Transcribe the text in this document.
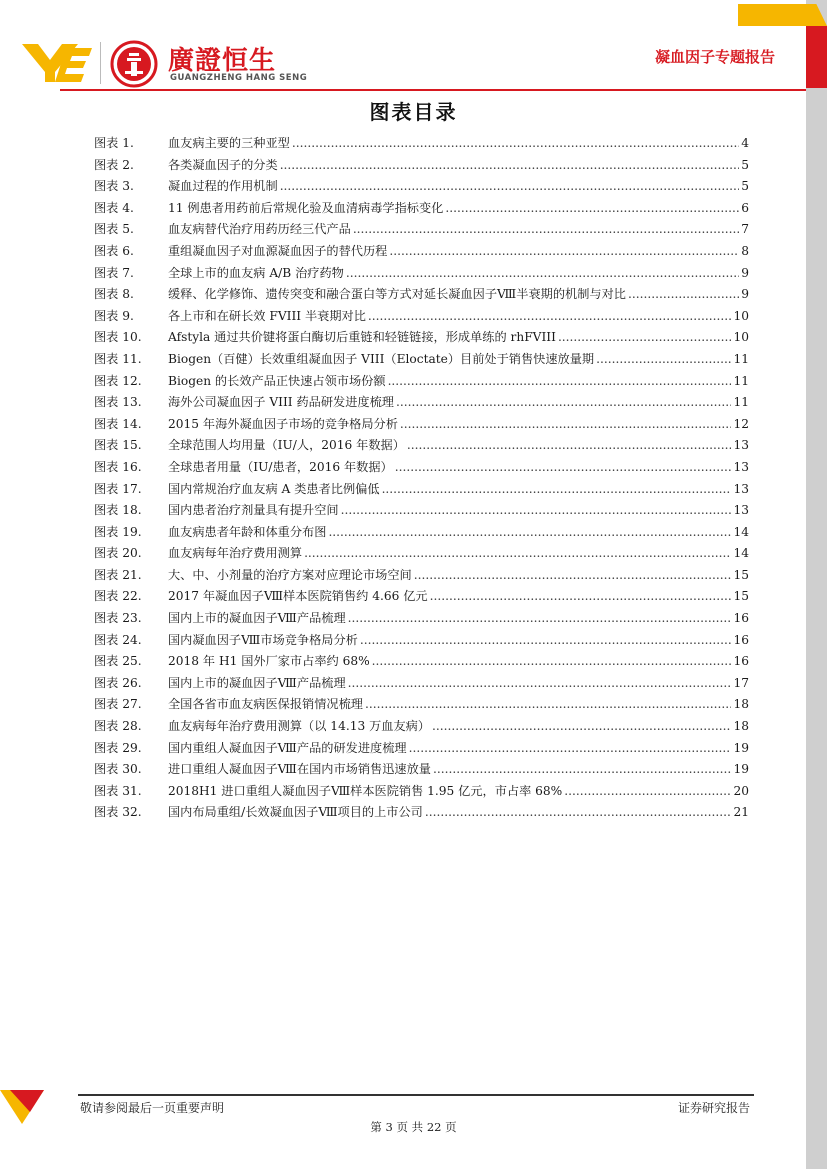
廣證恒生
GUANGZHENG HANG SENG
凝血因子专题报告
图表目录
图表 1.	血友病主要的三种亚型 .....	4
图表 2.	各类凝血因子的分类 .....	5
图表 3.	凝血过程的作用机制 .....	5
图表 4.	11 例患者用药前后常规化验及血清病毒学指标变化 .....	6
图表 5.	血友病替代治疗用药历经三代产品 .....	7
图表 6.	重组凝血因子对血源凝血因子的替代历程 .....	8
图表 7.	全球上市的血友病 A/B 治疗药物 .....	9
图表 8.	缓释、化学修饰、遗传突变和融合蛋白等方式对延长凝血因子Ⅷ半衰期的机制与对比 .....	9
图表 9.	各上市和在研长效 FVIII 半衰期对比 .....	10
图表 10.	Afstyla 通过共价键将蛋白酶切后重链和轻链链接，形成单练的 rhFVIII .....	10
图表 11.	Biogen（百健）长效重组凝血因子 VIII（Eloctate）目前处于销售快速放量期 .....	11
图表 12.	Biogen 的长效产品正快速占领市场份额 .....	11
图表 13.	海外公司凝血因子 VIII 药品研发进度梳理 .....	11
图表 14.	2015 年海外凝血因子市场的竞争格局分析 .....	12
图表 15.	全球范围人均用量（IU/人，2016 年数据） .....	13
图表 16.	全球患者用量（IU/患者，2016 年数据） .....	13
图表 17.	国内常规治疗血友病 A 类患者比例偏低 .....	13
图表 18.	国内患者治疗剂量具有提升空间 .....	13
图表 19.	血友病患者年龄和体重分布图 .....	14
图表 20.	血友病每年治疗费用测算 .....	14
图表 21.	大、中、小剂量的治疗方案对应理论市场空间 .....	15
图表 22.	2017 年凝血因子Ⅷ样本医院销售约 4.66 亿元 .....	15
图表 23.	国内上市的凝血因子Ⅷ产品梳理 .....	16
图表 24.	国内凝血因子Ⅷ市场竞争格局分析 .....	16
图表 25.	2018 年 H1 国外厂家市占率约 68% .....	16
图表 26.	国内上市的凝血因子Ⅷ产品梳理 .....	17
图表 27.	全国各省市血友病医保报销情况梳理 .....	18
图表 28.	血友病每年治疗费用测算（以 14.13 万血友病） .....	18
图表 29.	国内重组人凝血因子Ⅷ产品的研发进度梳理 .....	19
图表 30.	进口重组人凝血因子Ⅷ在国内市场销售迅速放量 .....	19
图表 31.	2018H1 进口重组人凝血因子Ⅷ样本医院销售 1.95 亿元，市占率 68% .....	20
图表 32.	国内布局重组/长效凝血因子Ⅷ项目的上市公司 .....	21
敬请参阅最后一页重要声明	证券研究报告
第 3 页 共 22 页
